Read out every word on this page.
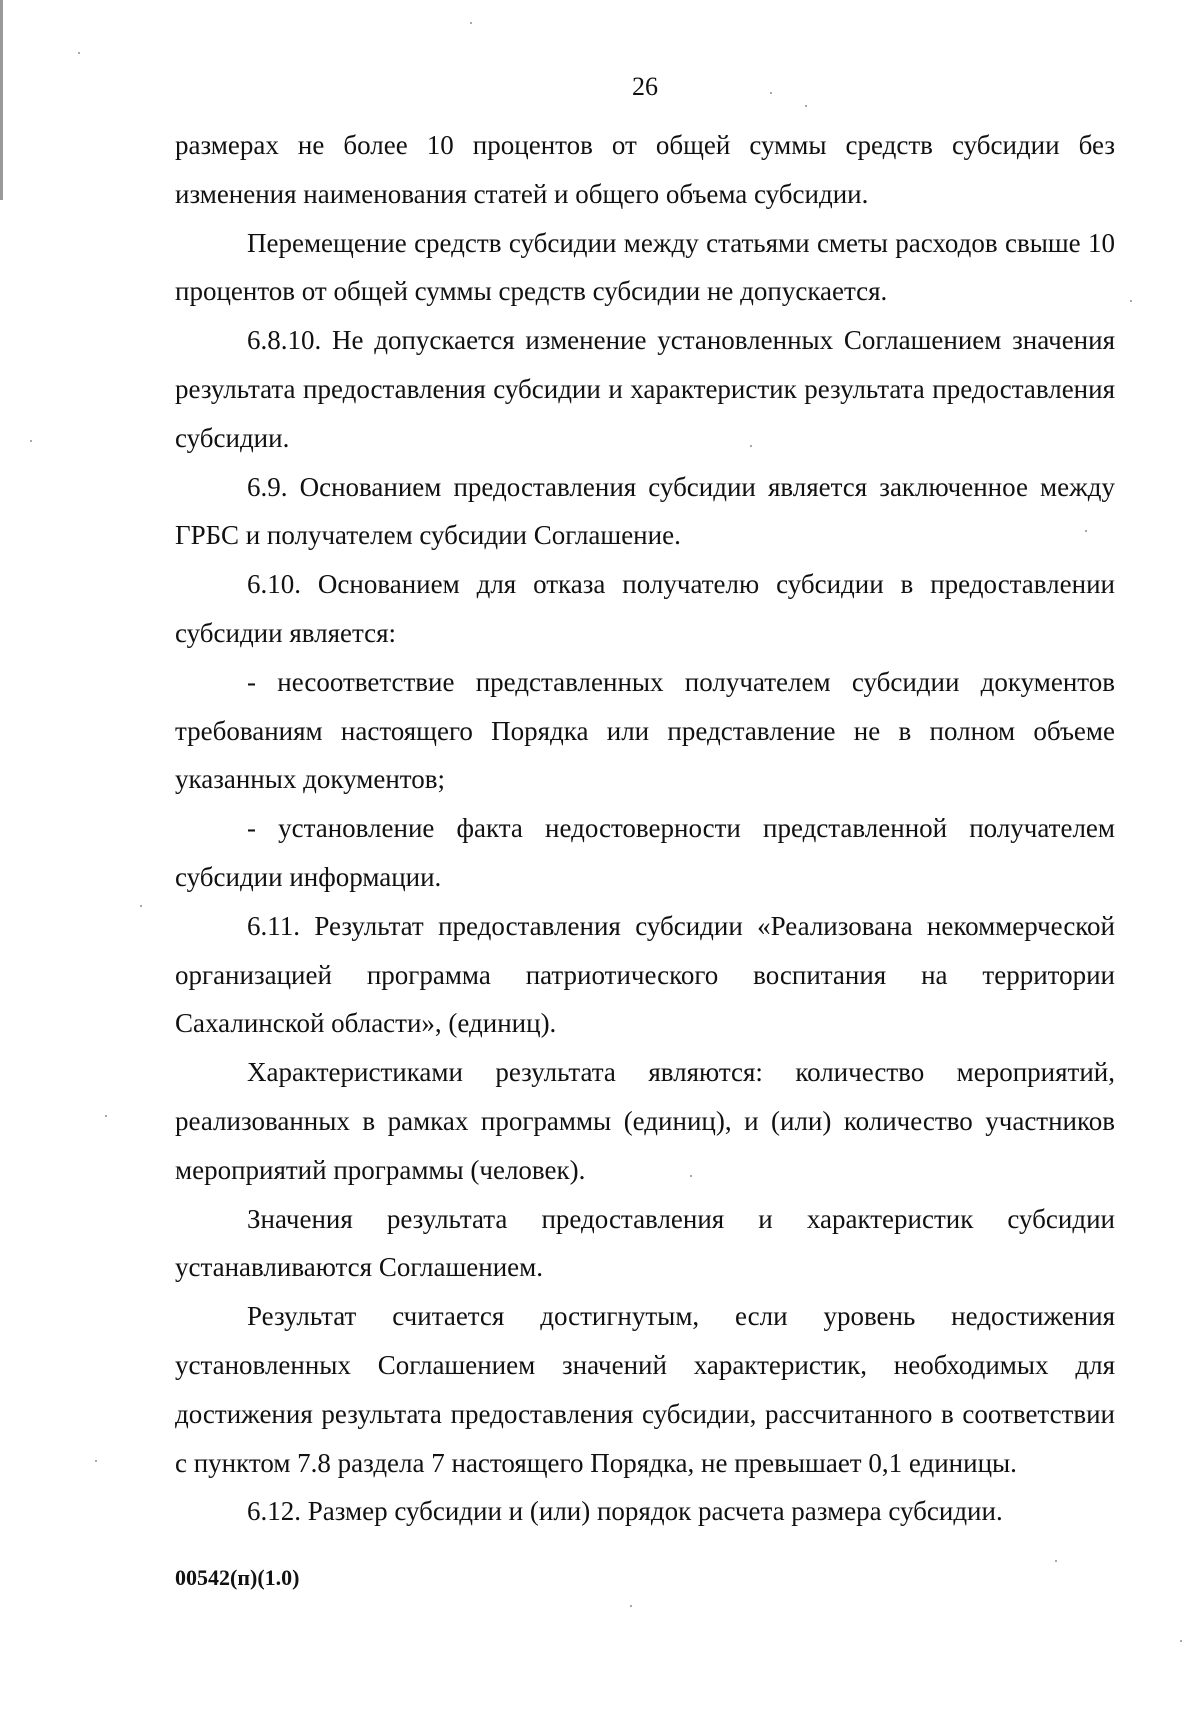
26

размерах не более 10 процентов от общей суммы средств субсидии без изменения наименования статей и общего объема субсидии.

Перемещение средств субсидии между статьями сметы расходов свыше 10 процентов от общей суммы средств субсидии не допускается.

6.8.10. Не допускается изменение установленных Соглашением значения результата предоставления субсидии и характеристик результата предоставления субсидии.

6.9. Основанием предоставления субсидии является заключенное между ГРБС и получателем субсидии Соглашение.

6.10. Основанием для отказа получателю субсидии в предоставлении субсидии является:

- несоответствие представленных получателем субсидии документов требованиям настоящего Порядка или представление не в полном объеме указанных документов;

- установление факта недостоверности представленной получателем субсидии информации.

6.11. Результат предоставления субсидии «Реализована некоммерческой организацией программа патриотического воспитания на территории Сахалинской области», (единиц).

Характеристиками результата являются: количество мероприятий, реализованных в рамках программы (единиц), и (или) количество участников мероприятий программы (человек).

Значения результата предоставления и характеристик субсидии устанавливаются Соглашением.

Результат считается достигнутым, если уровень недостижения установленных Соглашением значений характеристик, необходимых для достижения результата предоставления субсидии, рассчитанного в соответствии с пунктом 7.8 раздела 7 настоящего Порядка, не превышает 0,1 единицы.

6.12. Размер субсидии и (или) порядок расчета размера субсидии.

00542(п)(1.0)
